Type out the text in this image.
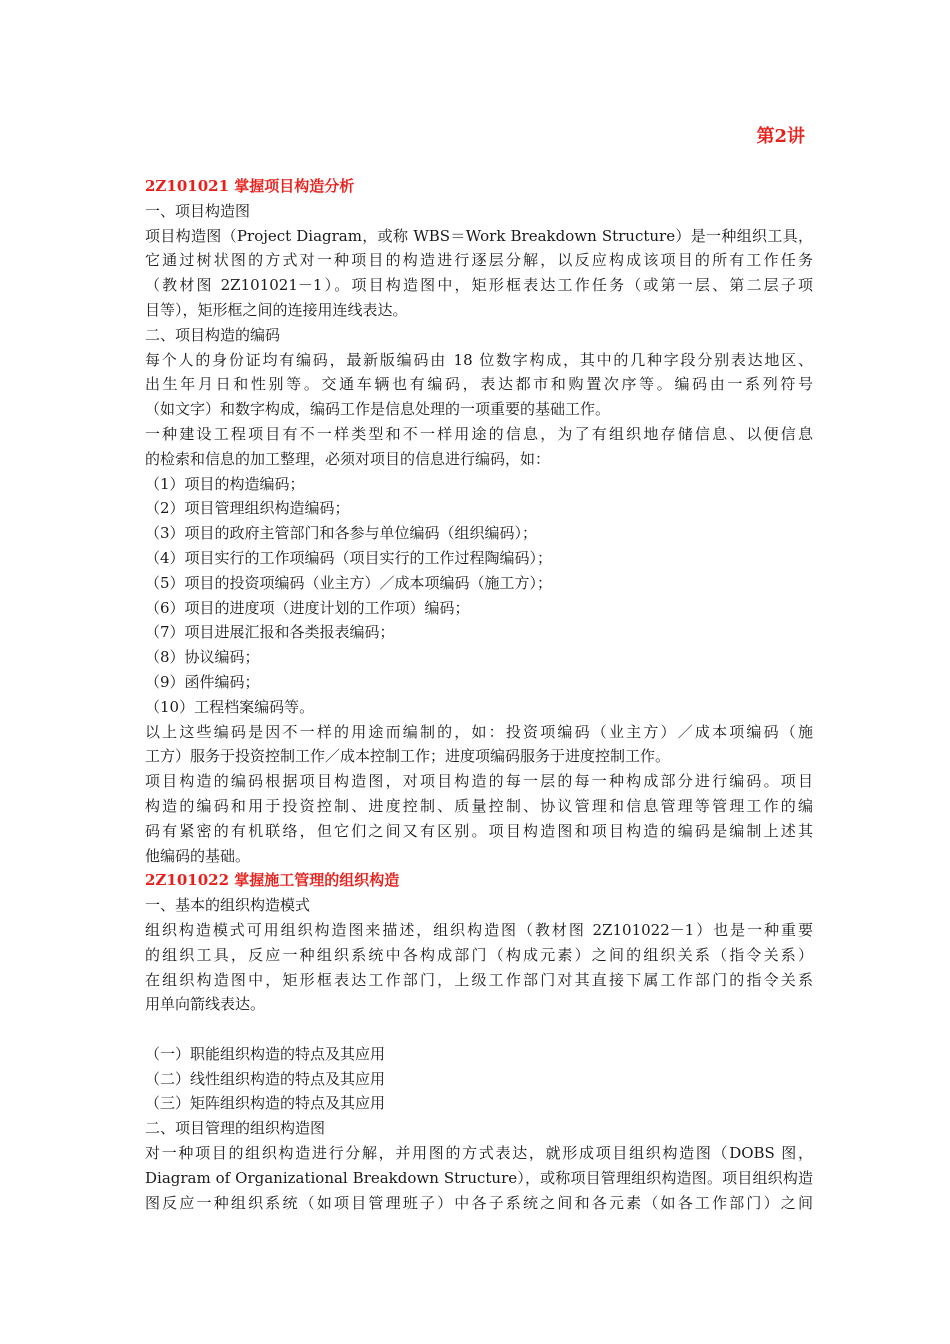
第2讲
2Z101021 掌握项目构造分析
一、项目构造图
项目构造图（Project Diagram，或称 WBS＝Work Breakdown Structure）是一种组织工具，
它通过树状图的方式对一种项目的构造进行逐层分解，以反应构成该项目的所有工作任务
（教材图 2Z101021－1）。项目构造图中，矩形框表达工作任务（或第一层、第二层子项
目等），矩形框之间的连接用连线表达。
二、项目构造的编码
每个人的身份证均有编码，最新版编码由 18 位数字构成，其中的几种字段分别表达地区、
出生年月日和性别等。交通车辆也有编码，表达都市和购置次序等。编码由一系列符号
（如文字）和数字构成，编码工作是信息处理的一项重要的基础工作。
一种建设工程项目有不一样类型和不一样用途的信息，为了有组织地存储信息、以便信息
的检索和信息的加工整理，必须对项目的信息进行编码，如：
（1）项目的构造编码；
（2）项目管理组织构造编码；
（3）项目的政府主管部门和各参与单位编码（组织编码）；
（4）项目实行的工作项编码（项目实行的工作过程陶编码）；
（5）项目的投资项编码（业主方）／成本项编码（施工方）；
（6）项目的进度项（进度计划的工作项）编码；
（7）项目进展汇报和各类报表编码；
（8）协议编码；
（9）函件编码；
（10）工程档案编码等。
以上这些编码是因不一样的用途而编制的，如：投资项编码（业主方）／成本项编码（施
工方）服务于投资控制工作／成本控制工作；进度项编码服务于进度控制工作。
项目构造的编码根据项目构造图，对项目构造的每一层的每一种构成部分进行编码。项目
构造的编码和用于投资控制、进度控制、质量控制、协议管理和信息管理等管理工作的编
码有紧密的有机联络，但它们之间又有区别。项目构造图和项目构造的编码是编制上述其
他编码的基础。
2Z101022 掌握施工管理的组织构造
一、基本的组织构造模式
组织构造模式可用组织构造图来描述，组织构造图（教材图 2Z101022－1）也是一种重要
的组织工具，反应一种组织系统中各构成部门（构成元素）之间的组织关系（指令关系）
在组织构造图中，矩形框表达工作部门，上级工作部门对其直接下属工作部门的指令关系
用单向箭线表达。
（一）职能组织构造的特点及其应用
（二）线性组织构造的特点及其应用
（三）矩阵组织构造的特点及其应用
二、项目管理的组织构造图
对一种项目的组织构造进行分解，并用图的方式表达，就形成项目组织构造图（DOBS 图，
Diagram of Organizational Breakdown Structure），或称项目管理组织构造图。项目组织构造
图反应一种组织系统（如项目管理班子）中各子系统之间和各元素（如各工作部门）之间
